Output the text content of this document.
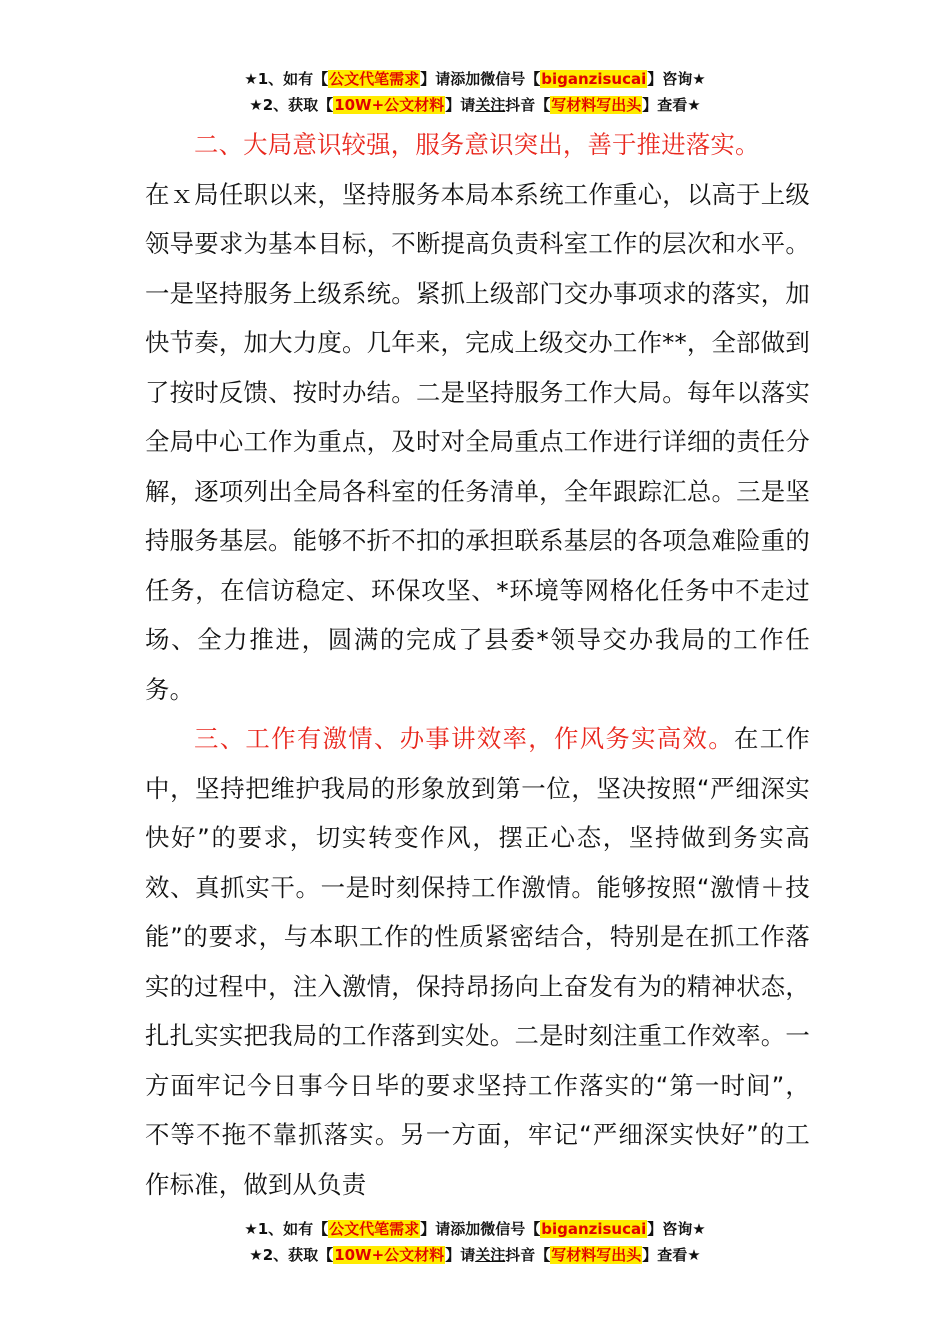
★1、如有【公文代笔需求】请添加微信号【biganzisucai】咨询★
★2、获取【10W+公文材料】请关注抖音【写材料写出头】查看★

二、大局意识较强，服务意识突出，善于推进落实。

在ｘ局任职以来，坚持服务本局本系统工作重心，以高于上级领导要求为基本目标，不断提高负责科室工作的层次和水平。一是坚持服务上级系统。紧抓上级部门交办事项求的落实，加快节奏，加大力度。几年来，完成上级交办工作**，全部做到了按时反馈、按时办结。二是坚持服务工作大局。每年以落实全局中心工作为重点，及时对全局重点工作进行详细的责任分解，逐项列出全局各科室的任务清单，全年跟踪汇总。三是坚持服务基层。能够不折不扣的承担联系基层的各项急难险重的任务，在信访稳定、环保攻坚、*环境等网格化任务中不走过场、全力推进，圆满的完成了县委*领导交办我局的工作任务。

三、工作有激情、办事讲效率，作风务实高效。在工作中，坚持把维护我局的形象放到第一位，坚决按照“严细深实快好”的要求，切实转变作风，摆正心态，坚持做到务实高效、真抓实干。一是时刻保持工作激情。能够按照“激情＋技能”的要求，与本职工作的性质紧密结合，特别是在抓工作落实的过程中，注入激情，保持昂扬向上奋发有为的精神状态，扎扎实实把我局的工作落到实处。二是时刻注重工作效率。一方面牢记今日事今日毕的要求坚持工作落实的“第一时间”，不等不拖不靠抓落实。另一方面，牢记“严细深实快好”的工作标准，做到从负责

★1、如有【公文代笔需求】请添加微信号【biganzisucai】咨询★
★2、获取【10W+公文材料】请关注抖音【写材料写出头】查看★
